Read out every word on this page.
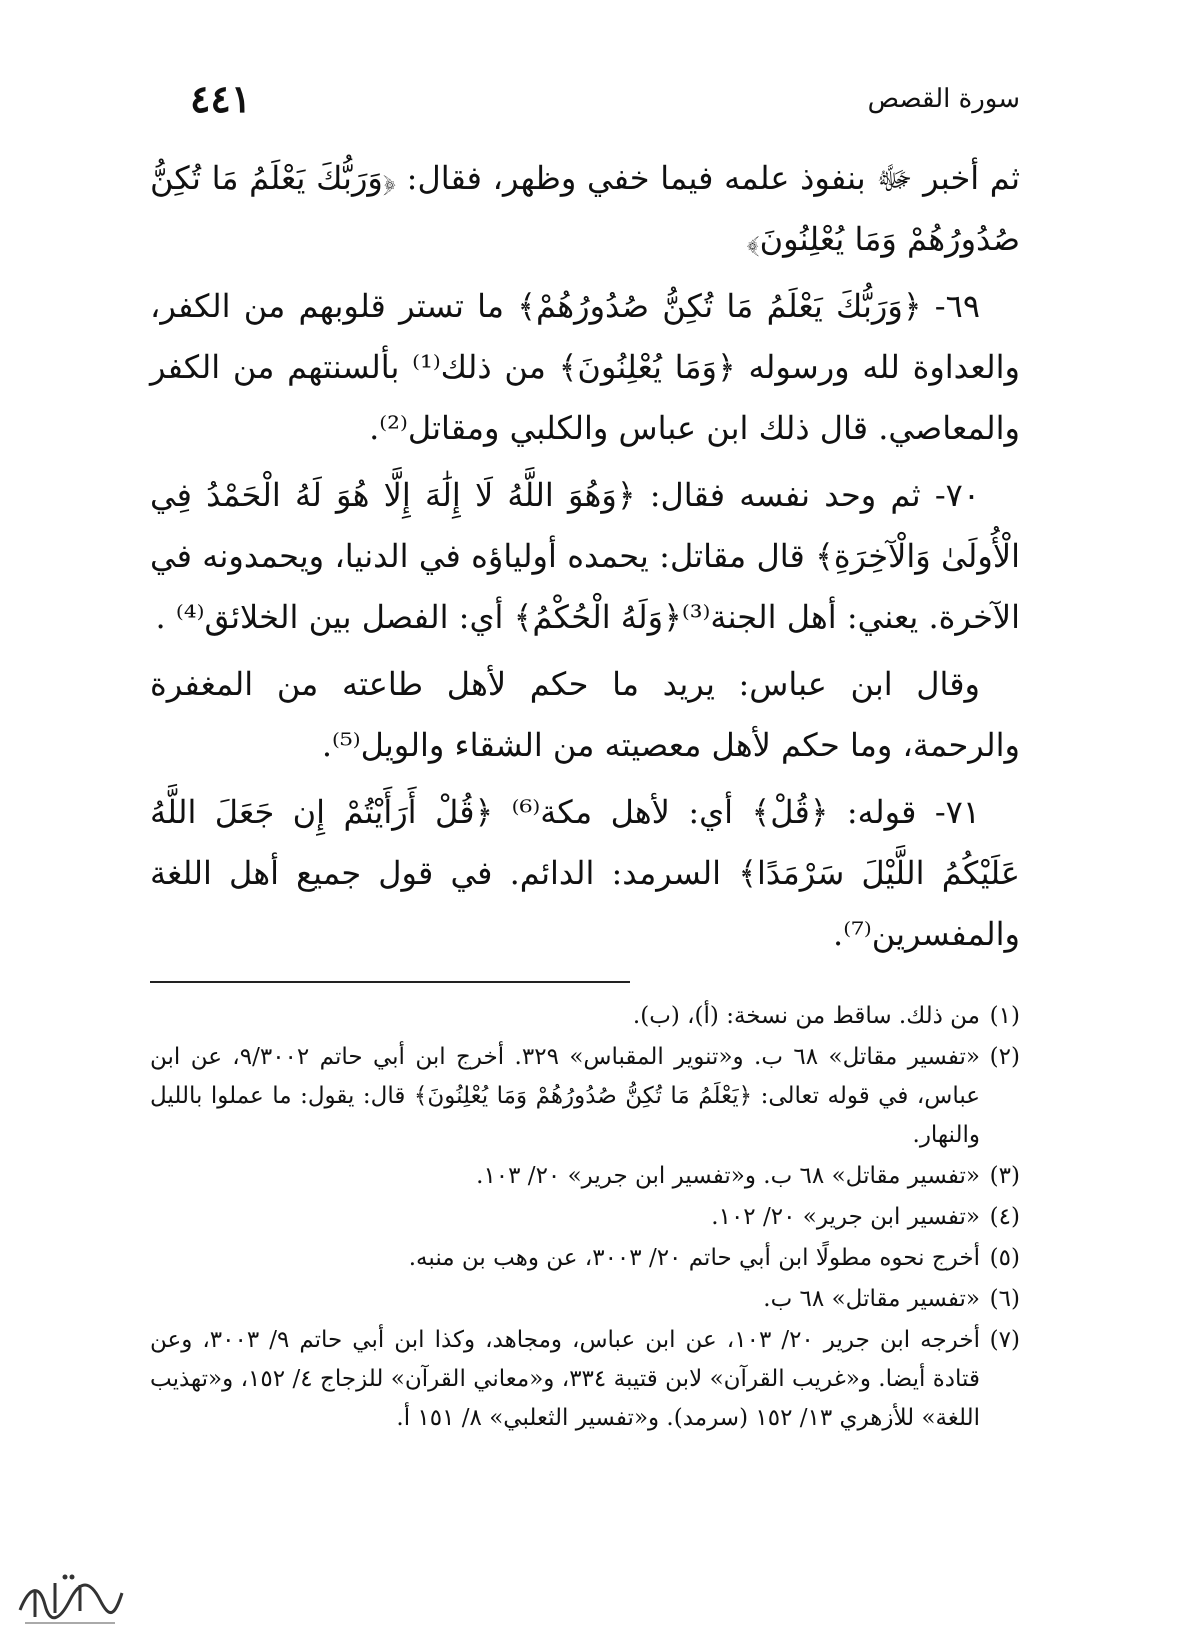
سورة القصص
٤٤١

ثم أخبر ﷻ بنفوذ علمه فيما خفي وظهر، فقال: ﴿وَرَبُّكَ يَعْلَمُ مَا تُكِنُّ صُدُورُهُمْ وَمَا يُعْلِنُونَ﴾

٦٩- ﴿وَرَبُّكَ يَعْلَمُ مَا تُكِنُّ صُدُورُهُمْ﴾ ما تستر قلوبهم من الكفر، والعداوة لله ورسوله ﴿وَمَا يُعْلِنُونَ﴾ من ذلك⁽¹⁾ بألسنتهم من الكفر والمعاصي. قال ذلك ابن عباس والكلبي ومقاتل⁽²⁾.

٧٠- ثم وحد نفسه فقال: ﴿وَهُوَ اللَّهُ لَا إِلَٰهَ إِلَّا هُوَ لَهُ الْحَمْدُ فِي الْأُولَىٰ وَالْآخِرَةِ﴾ قال مقاتل: يحمده أولياؤه في الدنيا، ويحمدونه في الآخرة. يعني: أهل الجنة⁽³⁾﴿وَلَهُ الْحُكْمُ﴾ أي: الفصل بين الخلائق⁽⁴⁾ .

وقال ابن عباس: يريد ما حكم لأهل طاعته من المغفرة والرحمة، وما حكم لأهل معصيته من الشقاء والويل⁽⁵⁾.

٧١- قوله: ﴿قُلْ﴾ أي: لأهل مكة⁽⁶⁾ ﴿قُلْ أَرَأَيْتُمْ إِن جَعَلَ اللَّهُ عَلَيْكُمُ اللَّيْلَ سَرْمَدًا﴾ السرمد: الدائم. في قول جميع أهل اللغة والمفسرين⁽⁷⁾.

(١)
من ذلك. ساقط من نسخة: (أ)، (ب).
(٢)
«تفسير مقاتل» ٦٨ ب. و«تنوير المقباس» ٣٢٩. أخرج ابن أبي حاتم ٩/٣٠٠٢، عن ابن عباس، في قوله تعالى: ﴿يَعْلَمُ مَا تُكِنُّ صُدُورُهُمْ وَمَا يُعْلِنُونَ﴾ قال: يقول: ما عملوا بالليل والنهار.
(٣)
«تفسير مقاتل» ٦٨ ب. و«تفسير ابن جرير» ٢٠/ ١٠٣.
(٤)
«تفسير ابن جرير» ٢٠/ ١٠٢.
(٥)
أخرج نحوه مطولًا ابن أبي حاتم ٢٠/ ٣٠٠٣، عن وهب بن منبه.
(٦)
«تفسير مقاتل» ٦٨ ب.
(٧)
أخرجه ابن جرير ٢٠/ ١٠٣، عن ابن عباس، ومجاهد، وكذا ابن أبي حاتم ٩/ ٣٠٠٣، وعن قتادة أيضا. و«غريب القرآن» لابن قتيبة ٣٣٤، و«معاني القرآن» للزجاج ٤/ ١٥٢، و«تهذيب اللغة» للأزهري ١٣/ ١٥٢ (سرمد). و«تفسير الثعلبي» ٨/ ١٥١ أ.
